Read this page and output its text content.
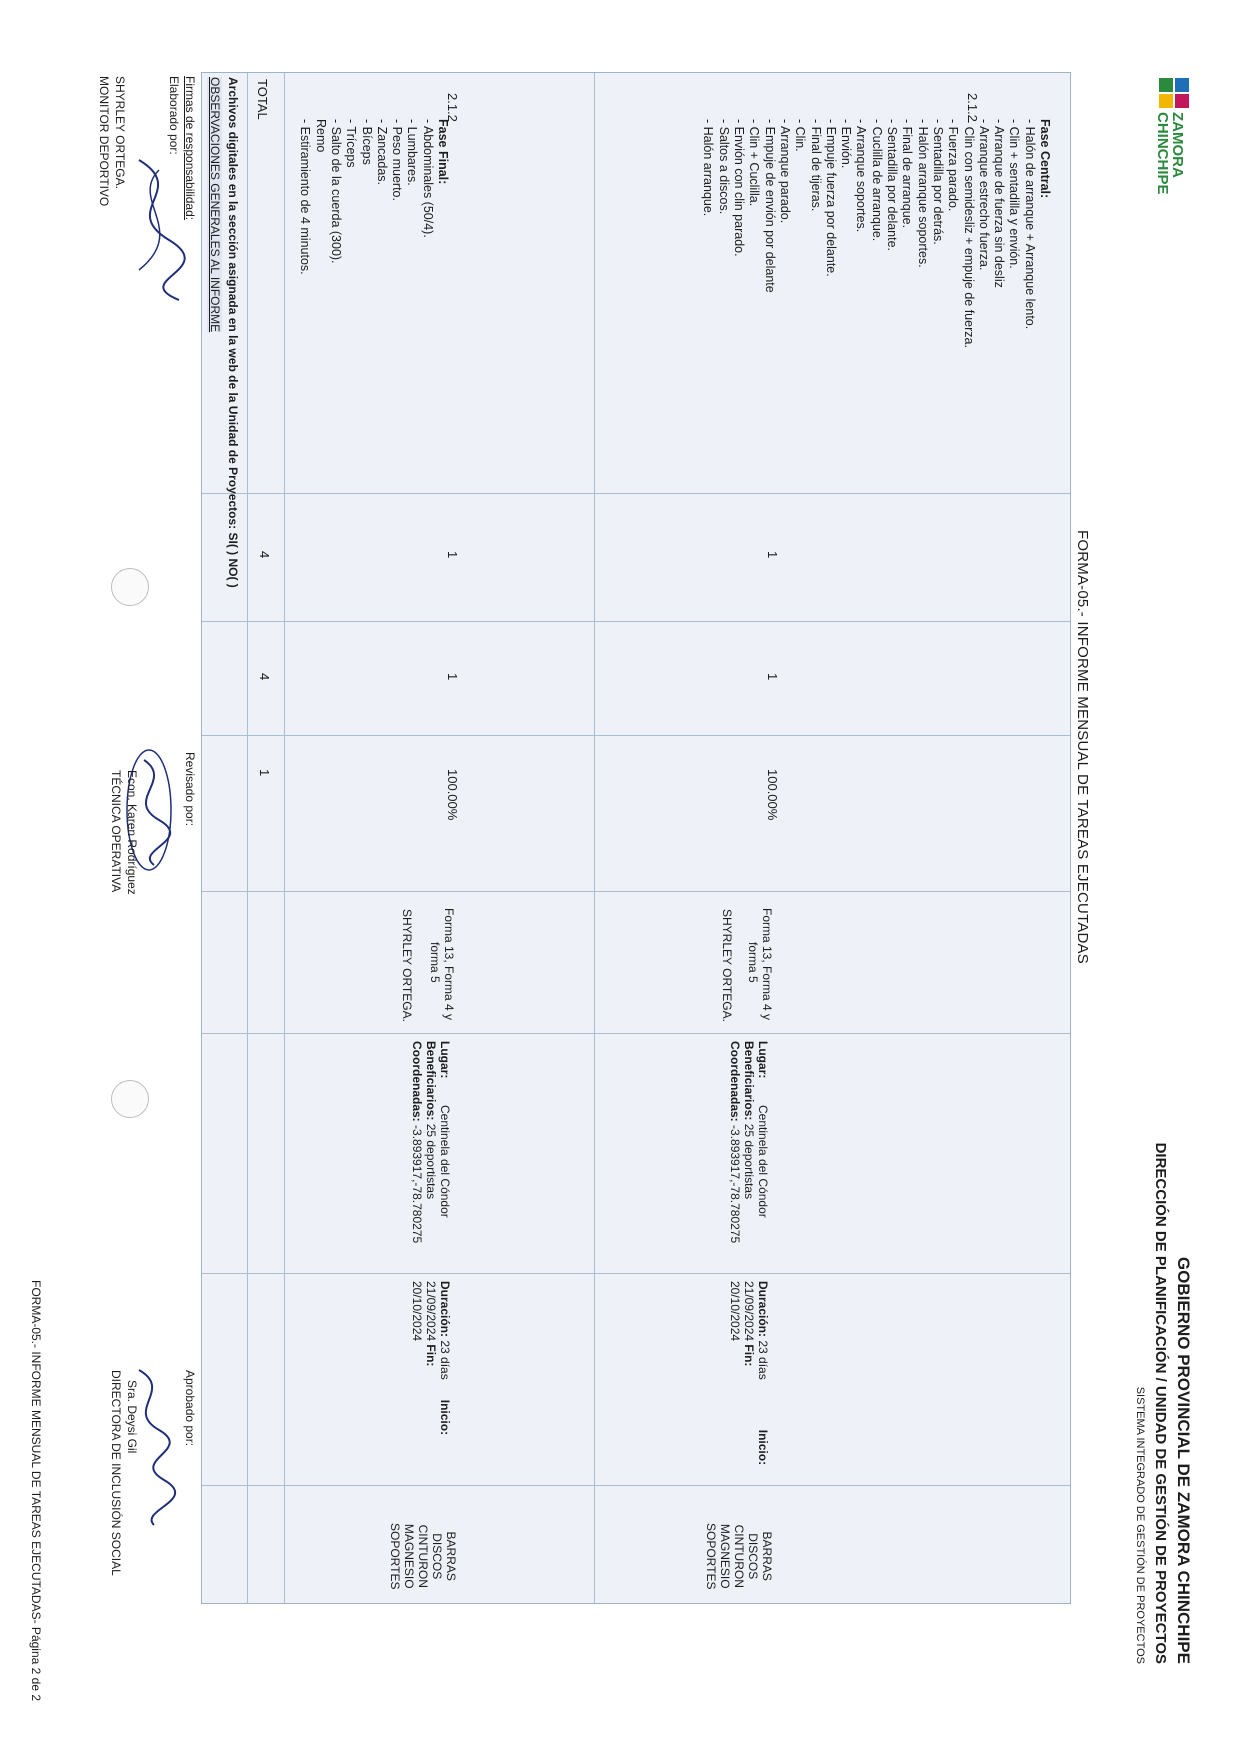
ZAMORA
CHINCHIPE
GOBIERNO PROVINCIAL DE ZAMORA CHINCHIPE
DIRECCIÓN DE PLANIFICACIÓN / UNIDAD DE GESTIÓN DE PROYECTOS
SISTEMA INTEGRADO DE GESTIÓN DE PROYECTOS
FORMA-05.- INFORME MENSUAL DE TAREAS EJECUTADAS
2.1.2
Fase Central:
- Halón de arranque + Arranque lento.
- Clin + sentadilla y envión.
- Arranque de fuerza sin desliz
- Arranque estrecho fuerza.
- Clin con semidesliz + empuje de fuerza.
- Fuerza parado.
- Sentadilla por detrás.
- Halón arranque soportes.
- Final de arranque.
- Sentadilla por delante.
- Cuclilla de arranque.
- Arranque soportes.
- Envión.
- Empuje fuerza por delante.
- Final de tijeras.
- Clin.
- Arranque parado.
- Empuje de envión por delante
- Clin + Cuclilla.
- Envión con clin parado.
- Saltos a discos.
- Halón arranque.
1
1
100.00%
Forma 13, Forma 4 y
forma 5
SHYRLEY ORTEGA.
Lugar:        Centinela del Cóndor
Beneficiarios: 25 deportistas
Coordenadas: -3.893917,-78.780275
Duración: 23 días               Inicio:
21/09/2024 Fin:
20/10/2024
BARRAS
DISCOS
CINTURON
MAGNESIO
SOPORTES
2.1.2
Fase Final:
- Abdominales (50/4).
- Lumbares.
- Peso muerto.
- Zancadas.
- Bíceps
- Tríceps
- Salto de la cuerda (300).
Remo
- Estiramiento de 4 minutos.
1
1
100.00%
Forma 13, Forma 4 y
forma 5
SHYRLEY ORTEGA.
Lugar:        Centinela del Cóndor
Beneficiarios: 25 deportistas
Coordenadas: -3.893917,-78.780275
Duración: 23 días      Inicio:
21/09/2024 Fin:
20/10/2024
BARRAS
DISCOS
CINTURON
MAGNESIO
SOPORTES
TOTAL
4
4
1
Archivos digitales en la sección asignada en la web de la Unidad de Proyectos: SI( ) NO( )
OBSERVACIONES GENERALES AL INFORME
Firmas de responsabilidad:
Elaborado por:
SHYRLEY ORTEGA.
MONITOR DEPORTIVO
Revisado por:
Econ. Karen Rodríguez
TÉCNICA OPERATIVA
Aprobado por:
Sra. Deysi Gil
DIRECTORA DE INCLUSIÓN SOCIAL
FORMA-05.- INFORME MENSUAL DE TAREAS EJECUTADAS- Página 2 de 2
